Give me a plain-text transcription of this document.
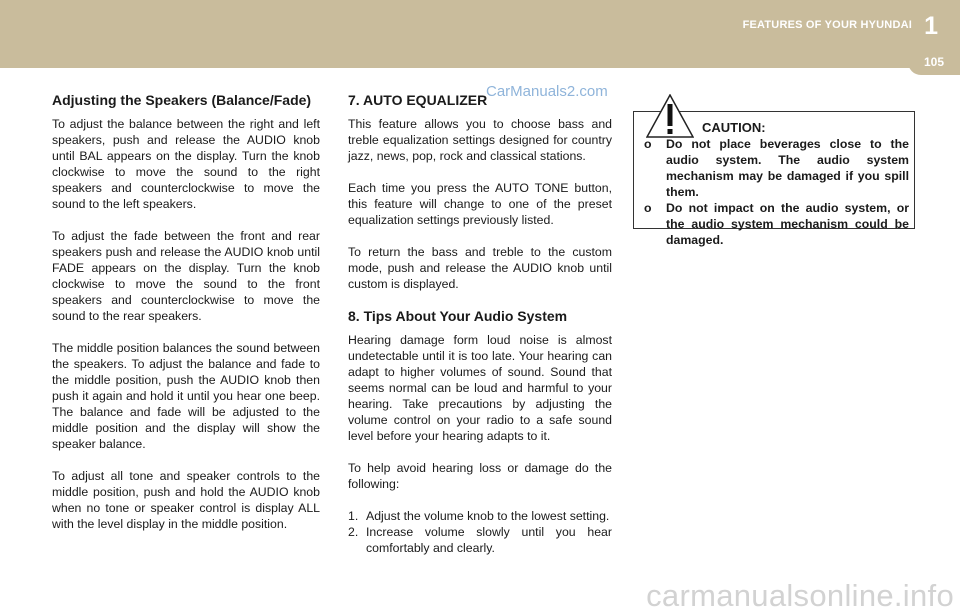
FEATURES OF YOUR HYUNDAI 1
105
Adjusting the Speakers (Balance/Fade)

To adjust the balance between the right and left speakers, push and release the AUDIO knob until BAL appears on the display. Turn the knob clockwise to move the sound to the right speakers and counterclockwise to move the sound to the left speakers.

To adjust the fade between the front and rear speakers push and release the AUDIO knob until FADE appears on the display. Turn the knob clockwise to move the sound to the front speakers and counterclockwise to move the sound to the rear speakers.

The middle position balances the sound between the speakers. To adjust the balance and fade to the middle position, push the AUDIO knob then push it again and hold it until you hear one beep. The balance and fade will be adjusted to the middle position and the display will show the speaker balance.

To adjust all tone and speaker controls to the middle position, push and hold the AUDIO knob when no tone or speaker control is display ALL with the level display in the middle position.

7. AUTO EQUALIZER

This feature allows you to choose bass and treble equalization settings designed for country jazz, news, pop, rock and classical stations.

Each time you press the AUTO TONE button, this feature will change to one of the preset equalization settings previously listed.

To return the bass and treble to the custom mode, push and release the AUDIO knob until custom is displayed.

8. Tips About Your Audio System

Hearing damage form loud noise is almost undetectable until it is too late. Your hearing can adapt to higher volumes of sound. Sound that seems normal can be loud and harmful to your hearing. Take precautions by adjusting the volume control on your radio to a safe sound level before your hearing adapts to it.

To help avoid hearing loss or damage do the following:

1. Adjust the volume knob to the lowest setting.
2. Increase volume slowly until you hear comfortably and clearly.
CarManuals2.com
CAUTION:
o Do not place beverages close to the audio system. The audio system mechanism may be damaged if you spill them.
o Do not impact on the audio system, or the audio system mechanism could be damaged.
carmanualsonline.info
